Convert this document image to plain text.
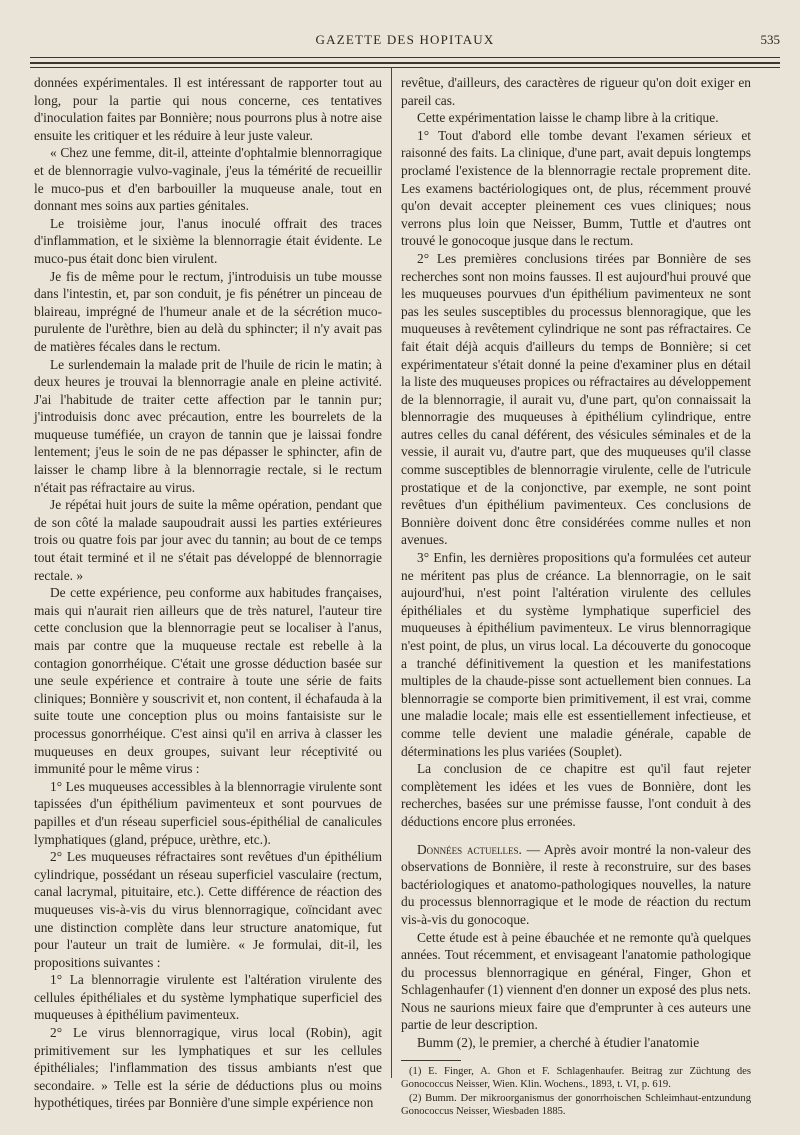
GAZETTE DES HOPITAUX	535

données expérimentales. Il est intéressant de rapporter tout au long, pour la partie qui nous concerne, ces tentatives d'inoculation faites par Bonnière; nous pourrons plus à notre aise ensuite les critiquer et les réduire à leur juste valeur.

« Chez une femme, dit-il, atteinte d'ophtalmie blennorragique et de blennorragie vulvo-vaginale, j'eus la témérité de recueillir le muco-pus et d'en barbouiller la muqueuse anale, tout en donnant mes soins aux parties génitales.

Le troisième jour, l'anus inoculé offrait des traces d'inflammation, et le sixième la blennorragie était évidente. Le muco-pus était donc bien virulent.

Je fis de même pour le rectum, j'introduisis un tube mousse dans l'intestin, et, par son conduit, je fis pénétrer un pinceau de blaireau, imprégné de l'humeur anale et de la sécrétion muco-purulente de l'urèthre, bien au delà du sphincter; il n'y avait pas de matières fécales dans le rectum.

Le surlendemain la malade prit de l'huile de ricin le matin; à deux heures je trouvai la blennorragie anale en pleine activité. J'ai l'habitude de traiter cette affection par le tannin pur; j'introduisis donc avec précaution, entre les bourrelets de la muqueuse tuméfiée, un crayon de tannin que je laissai fondre lentement; j'eus le soin de ne pas dépasser le sphincter, afin de laisser le champ libre à la blennorragie rectale, si le rectum n'était pas réfractaire au virus.

Je répétai huit jours de suite la même opération, pendant que de son côté la malade saupoudrait aussi les parties extérieures trois ou quatre fois par jour avec du tannin; au bout de ce temps tout était terminé et il ne s'était pas développé de blennorragie rectale. »

De cette expérience, peu conforme aux habitudes françaises, mais qui n'aurait rien ailleurs que de très naturel, l'auteur tire cette conclusion que la blennorragie peut se localiser à l'anus, mais par contre que la muqueuse rectale est rebelle à la contagion gonorrhéique. C'était une grosse déduction basée sur une seule expérience et contraire à toute une série de faits cliniques; Bonnière y souscrivit et, non content, il échafauda à la suite toute une conception plus ou moins fantaisiste sur le processus gonorrhéique. C'est ainsi qu'il en arriva à classer les muqueuses en deux groupes, suivant leur réceptivité ou immunité pour le même virus :

1° Les muqueuses accessibles à la blennorragie virulente sont tapissées d'un épithélium pavimenteux et sont pourvues de papilles et d'un réseau superficiel sous-épithélial de canalicules lymphatiques (gland, prépuce, urèthre, etc.).

2° Les muqueuses réfractaires sont revêtues d'un épithélium cylindrique, possédant un réseau superficiel vasculaire (rectum, canal lacrymal, pituitaire, etc.). Cette différence de réaction des muqueuses vis-à-vis du virus blennorragique, coïncidant avec une distinction complète dans leur structure anatomique, fut pour l'auteur un trait de lumière. « Je formulai, dit-il, les propositions suivantes :

1° La blennorragie virulente est l'altération virulente des cellules épithéliales et du système lymphatique superficiel des muqueuses à épithélium pavimenteux.

2° Le virus blennorragique, virus local (Robin), agit primitivement sur les lymphatiques et sur les cellules épithéliales; l'inflammation des tissus ambiants n'est que secondaire. » Telle est la série de déductions plus ou moins hypothétiques, tirées par Bonnière d'une simple expérience non

revêtue, d'ailleurs, des caractères de rigueur qu'on doit exiger en pareil cas.

Cette expérimentation laisse le champ libre à la critique.

1° Tout d'abord elle tombe devant l'examen sérieux et raisonné des faits. La clinique, d'une part, avait depuis longtemps proclamé l'existence de la blennorragie rectale proprement dite. Les examens bactériologiques ont, de plus, récemment prouvé qu'on devait accepter pleinement ces vues cliniques; nous verrons plus loin que Neisser, Bumm, Tuttle et d'autres ont trouvé le gonocoque jusque dans le rectum.

2° Les premières conclusions tirées par Bonnière de ses recherches sont non moins fausses. Il est aujourd'hui prouvé que les muqueuses pourvues d'un épithélium pavimenteux ne sont pas les seules susceptibles du processus blennoragique, que les muqueuses à revêtement cylindrique ne sont pas réfractaires. Ce fait était déjà acquis d'ailleurs du temps de Bonnière; si cet expérimentateur s'était donné la peine d'examiner plus en détail la liste des muqueuses propices ou réfractaires au développement de la blennorragie, il aurait vu, d'une part, qu'on connaissait la blennorragie des muqueuses à épithélium cylindrique, entre autres celles du canal déférent, des vésicules séminales et de la vessie, il aurait vu, d'autre part, que des muqueuses qu'il classe comme susceptibles de blennorragie virulente, celle de l'utricule prostatique et de la conjonctive, par exemple, ne sont point revêtues d'un épithélium pavimenteux. Ces conclusions de Bonnière doivent donc être considérées comme nulles et non avenues.

3° Enfin, les dernières propositions qu'a formulées cet auteur ne méritent pas plus de créance. La blennorragie, on le sait aujourd'hui, n'est point l'altération virulente des cellules épithéliales et du système lymphatique superficiel des muqueuses à épithélium pavimenteux. Le virus blennorragique n'est point, de plus, un virus local. La découverte du gonocoque a tranché définitivement la question et les manifestations multiples de la chaude-pisse sont actuellement bien connues. La blennorragie se comporte bien primitivement, il est vrai, comme une maladie locale; mais elle est essentiellement infectieuse, et comme telle devient une maladie générale, capable de déterminations les plus variées (Souplet).

La conclusion de ce chapitre est qu'il faut rejeter complètement les idées et les vues de Bonnière, dont les recherches, basées sur une prémisse fausse, l'ont conduit à des déductions encore plus erronées.

Données actuelles. — Après avoir montré la non-valeur des observations de Bonnière, il reste à reconstruire, sur des bases bactériologiques et anatomo-pathologiques nouvelles, la nature du processus blennorragique et le mode de réaction du rectum vis-à-vis du gonocoque.

Cette étude est à peine ébauchée et ne remonte qu'à quelques années. Tout récemment, et envisageant l'anatomie pathologique du processus blennorragique en général, Finger, Ghon et Schlagenhaufer (1) viennent d'en donner un exposé des plus nets. Nous ne saurions mieux faire que d'emprunter à ces auteurs une partie de leur description.

Bumm (2), le premier, a cherché à étudier l'anatomie

(1) E. Finger, A. Ghon et F. Schlagenhaufer. Beitrag zur Züchtung des Gonococcus Neisser, Wien. Klin. Wochens., 1893, t. VI, p. 619.

(2) Bumm. Der mikroorganismus der gonorrhoischen Schleimhaut-entzundung Gonococcus Neisser, Wiesbaden 1885.
